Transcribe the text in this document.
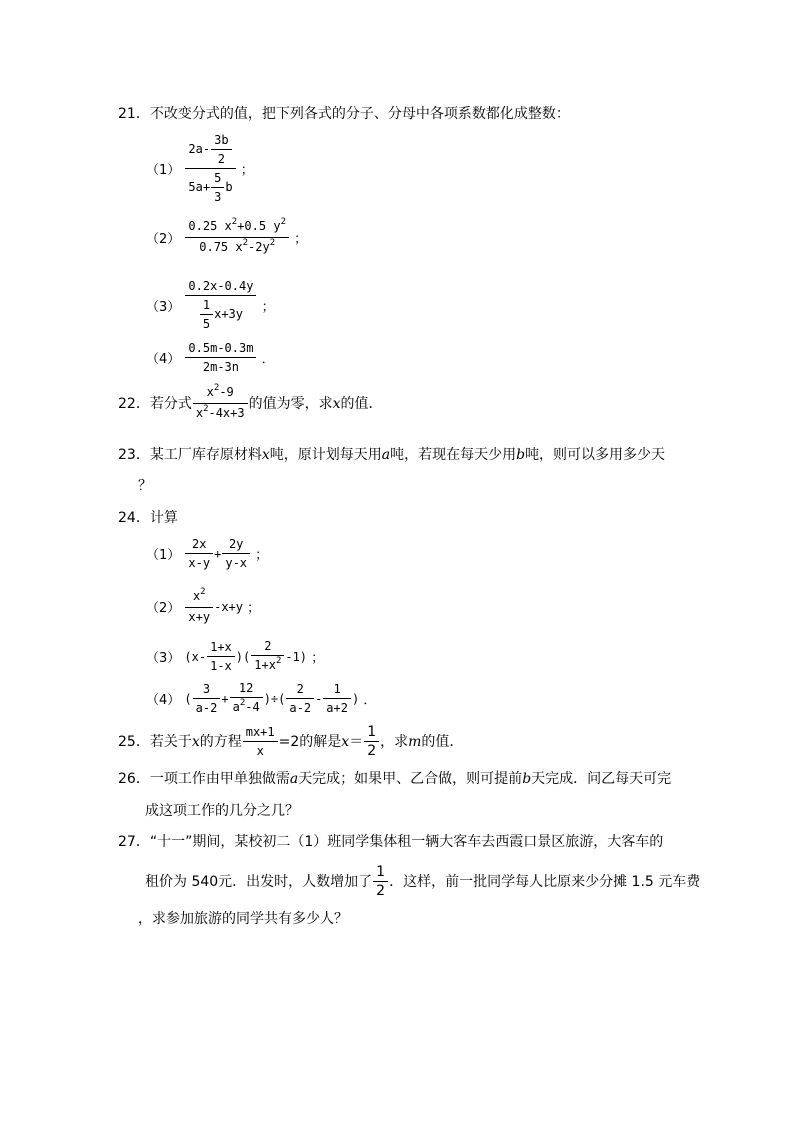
21．不改变分式的值，把下列各式的分子、分母中各项系数都化成整数：
$(1) \frac{2a- \frac{3b}{2}}{5a+ \frac{5}{3} b}$ ；
$(2) \frac{0.25 x^2+0.5 y^2}{0.75 x^2-2y^2}$ ；
$(3) \frac{0.2x-0.4y}{\frac{1}{5} x+3y}$ ；
$(4) \frac{0.5m-0.3m}{2m-3n}$ ．
22．若分式 $\frac{x^2-9}{x^2-4x+3}$ 的值为零，求x的值．
23．某工厂库存原材料x吨，原计划每天用a吨，若现在每天少用b吨，则可以多用多少天
？
24．计算
$(1) \frac{2x}{x-y} + \frac{2y}{y-x}$ ；
$(2) \frac{x^2}{x+y} -x+y$ ；
（3） ($x- \frac{1+x}{1-x}$ )( $\frac{2}{1+x^2} -1$) ；
（4） ( $\frac{3}{a-2} + \frac{12}{a^2-4}$ )÷( $\frac{2}{a-2} - \frac{1}{a+2}$ ) ．
25．若关于x的方程 $\frac{mx+1}{x} =2$的解是$x= \frac{1}{2}$ ，求m的值．
26．一项工作由甲单独做需a天完成；如果甲、乙合做，则可提前b天完成．问乙每天可完
成这项工作的几分之几？
27．“十一”期间，某校初二（1）班同学集体租一辆大客车去西霞口景区旅游，大客车的
租价为 540元．出发时，人数增加了 $\frac{1}{2}$ ．这样，前一批同学每人比原来少分摊 1.5 元车费
，求参加旅游的同学共有多少人？
